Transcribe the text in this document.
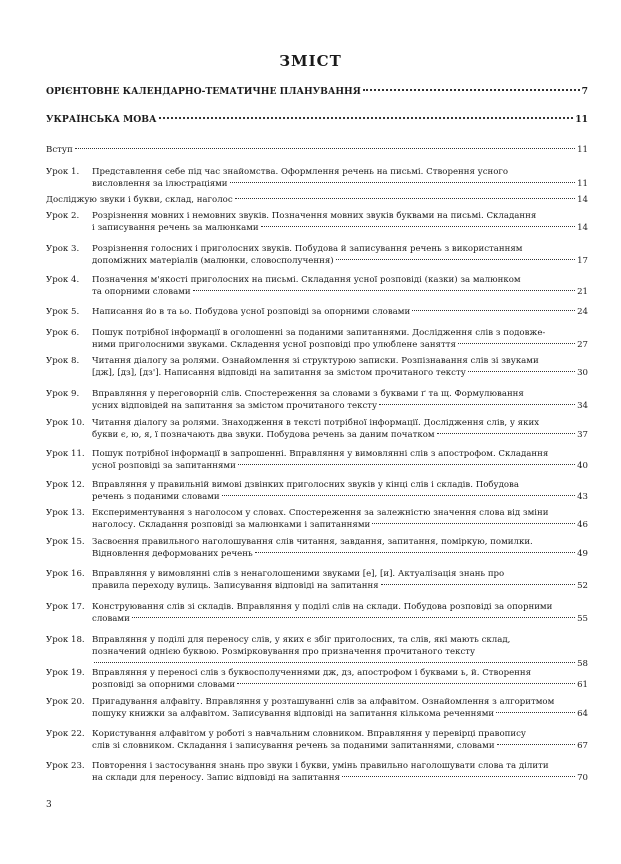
ЗМІСТ
ОРІЄНТОВНЕ КАЛЕНДАРНО-ТЕМАТИЧНЕ ПЛАНУВАННЯ	7
УКРАЇНСЬКА МОВА	11
Вступ	11
Урок 1.	Представлення себе під час знайомства. Оформлення речень на письмі. Створення усного
висловлення за ілюстраціями	11
Досліджую звуки і букви, склад, наголос	14
Урок 2.	Розрізнення мовних і немовних звуків. Позначення мовних звуків буквами на письмі. Складання
і записування речень за малюнками	14
Урок 3.	Розрізнення голосних і приголосних звуків. Побудова й записування речень з використанням
допоміжних матеріалів (малюнки, словосполучення)	17
Урок 4.	Позначення м'якості приголосних на письмі. Складання усної розповіді (казки) за малюнком
та опорними словами	21
Урок 5.	Написання йо в та ьо. Побудова усної розповіді за опорними словами	24
Урок 6.	Пошук потрібної інформації в оголошенні за поданими запитаннями. Дослідження слів з подовже-
ними приголосними звуками. Складення усної розповіді про улюблене заняття	27
Урок 8.	Читання діалогу за ролями. Ознайомлення зі структурою записки. Розпізнавання слів зі звуками
[дж], [дз], [дз']. Написання відповіді на запитання за змістом прочитаного тексту	30
Урок 9.	Вправляння у переговорній слів. Спостереження за словами з буквами ґ та щ. Формулювання
усних відповідей на запитання за змістом прочитаного тексту	34
Урок 10. Читання діалогу за ролями. Знаходження в тексті потрібної інформації. Дослідження слів, у яких
букви є, ю, я, ї позначають два звуки. Побудова речень за даним початком	37
Урок 11. Пошук потрібної інформації в запрошенні. Вправляння у вимовлянні слів з апострофом. Складання
усної розповіді за запитаннями	40
Урок 12. Вправляння у правильній вимові дзвінких приголосних звуків у кінці слів і складів. Побудова
речень з поданими словами	43
Урок 13. Експериментування з наголосом у словах. Спостереження за залежністю значення слова від зміни
наголосу. Складання розповіді за малюнками і запитаннями	46
Урок 15. Засвоєння правильного наголошування слів читання, завдання, запитання, поміркую, помилки.
Відновлення деформованих речень	49
Урок 16. Вправляння у вимовлянні слів з ненаголошеними звуками [е], [и]. Актуалізація знань про
правила переходу вулиць. Записування відповіді на запитання	52
Урок 17. Конструювання слів зі складів. Вправляння у поділі слів на склади. Побудова розповіді за опорними
словами	55
Урок 18. Вправляння у поділі для переносу слів, у яких є збіг приголосних, та слів, які мають склад,
позначений однією буквою. Розмірковування про призначення прочитаного тексту
58
Урок 19. Вправляння у переносі слів з буквосполученнями дж, дз, апострофом і буквами ь, й. Створення
розповіді за опорними словами	61
Урок 20. Пригадування алфавіту. Вправляння у розташуванні слів за алфавітом. Ознайомлення з алгоритмом
пошуку книжки за алфавітом. Записування відповіді на запитання кількома реченнями	64
Урок 22. Користування алфавітом у роботі з навчальним словником. Вправляння у перевірці правопису
слів зі словником. Складання і записування речень за поданими запитаннями, словами	67
Урок 23. Повторення і застосування знань про звуки і букви, умінь правильно наголошувати слова та ділити
на склади для переносу. Запис відповіді на запитання	70
3
